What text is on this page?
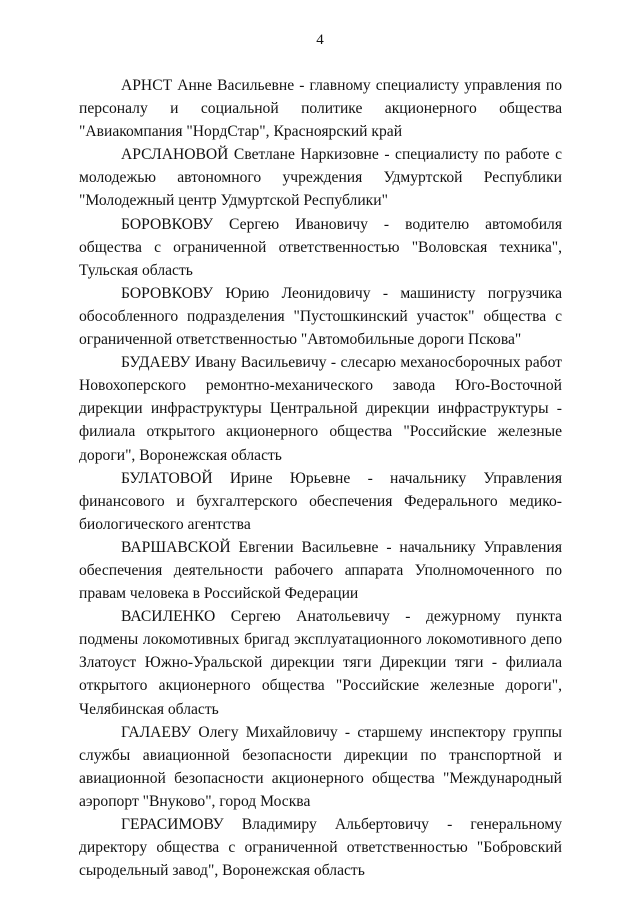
4

АРНСТ Анне Васильевне - главному специалисту управления по персоналу и социальной политике акционерного общества "Авиакомпания "НордСтар", Красноярский край

АРСЛАНОВОЙ Светлане Наркизовне - специалисту по работе с молодежью автономного учреждения Удмуртской Республики "Молодежный центр Удмуртской Республики"

БОРОВКОВУ Сергею Ивановичу - водителю автомобиля общества с ограниченной ответственностью "Воловская техника", Тульская область

БОРОВКОВУ Юрию Леонидовичу - машинисту погрузчика обособленного подразделения "Пустошкинский участок" общества с ограниченной ответственностью "Автомобильные дороги Пскова"

БУДАЕВУ Ивану Васильевичу - слесарю механосборочных работ Новохоперского ремонтно-механического завода Юго-Восточной дирекции инфраструктуры Центральной дирекции инфраструктуры - филиала открытого акционерного общества "Российские железные дороги", Воронежская область

БУЛАТОВОЙ Ирине Юрьевне - начальнику Управления финансового и бухгалтерского обеспечения Федерального медико-биологического агентства

ВАРШАВСКОЙ Евгении Васильевне - начальнику Управления обеспечения деятельности рабочего аппарата Уполномоченного по правам человека в Российской Федерации

ВАСИЛЕНКО Сергею Анатольевичу - дежурному пункта подмены локомотивных бригад эксплуатационного локомотивного депо Златоуст Южно-Уральской дирекции тяги Дирекции тяги - филиала открытого акционерного общества "Российские железные дороги", Челябинская область

ГАЛАЕВУ Олегу Михайловичу - старшему инспектору группы службы авиационной безопасности дирекции по транспортной и авиационной безопасности акционерного общества "Международный аэропорт "Внуково", город Москва

ГЕРАСИМОВУ Владимиру Альбертовичу - генеральному директору общества с ограниченной ответственностью "Бобровский сыродельный завод", Воронежская область
